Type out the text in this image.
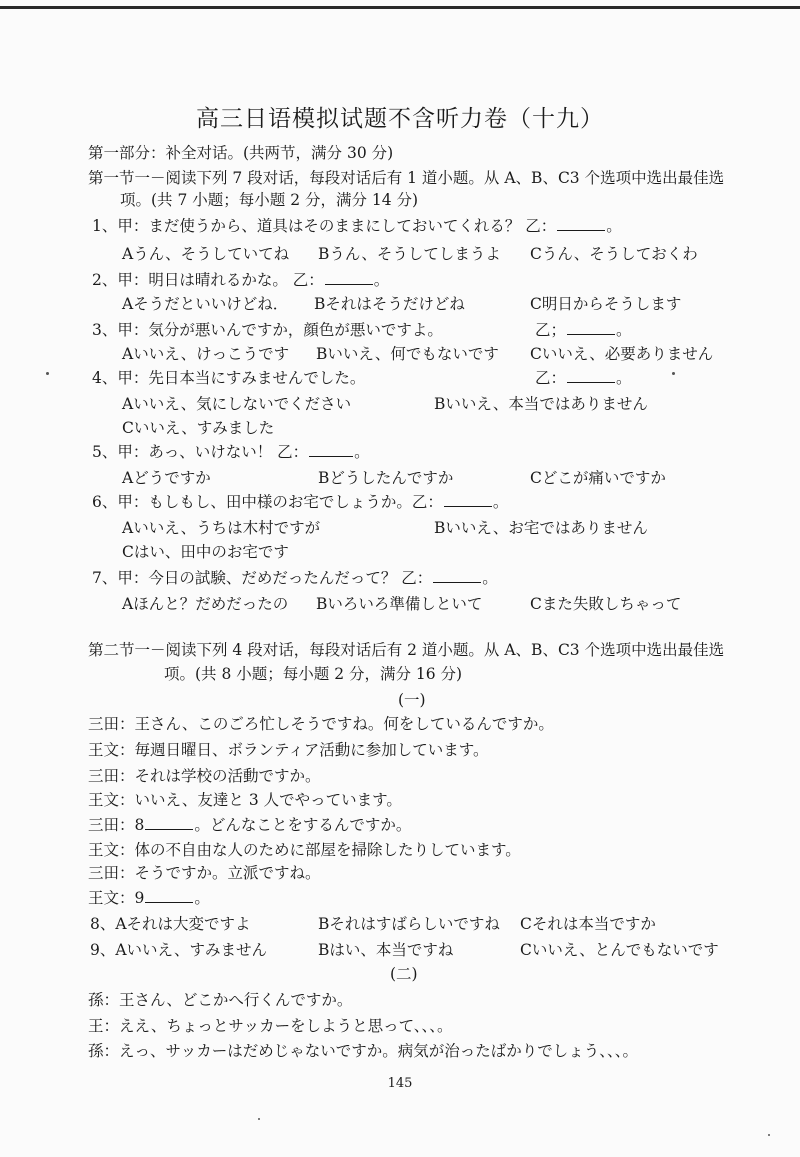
高三日语模拟试题不含听力卷（十九）
第一部分：补全对话。(共两节，满分 30 分)
第一节一－阅读下列 7 段对话，每段对话后有 1 道小题。从 A、B、C3 个选项中选出最佳选
项。(共 7 小题；每小题 2 分，满分 14 分)
1、甲：まだ使うから、道具はそのままにしておいてくれる？ 乙：	。
Aうん、そうしていてね Bうん、そうしてしまうよ Cうん、そうしておくわ
2、甲：明日は晴れるかな。 乙：	。
Aそうだといいけどね． Bそれはそうだけどね	C明日からそうします
3、甲：気分が悪いんですか，顔色が悪いですよ。	乙；	。
Aいいえ、けっこうです Bいいえ、何でもないです Cいいえ、必要ありません
4、甲：先日本当にすみませんでした。	乙：	。
Aいいえ、気にしないでください	Bいいえ、本当ではありません
Cいいえ、すみました
5、甲：あっ、いけない！ 乙：	。
Aどうですか	Bどうしたんですか	Cどこが痛いですか
6、甲：もしもし、田中様のお宅でしょうか。乙：	。
Aいいえ、うちは木村ですが	Bいいえ、お宅ではありません
Cはい、田中のお宅です
7、甲：今日の試験、だめだったんだって？ 乙：	。
Aほんと？だめだったの Bいろいろ準備しといて	Cまた失敗しちゃって
第二节一－阅读下列 4 段对话，每段对话后有 2 道小题。从 A、B、C3 个选项中选出最佳选
项。(共 8 小题；每小题 2 分，满分 16 分)
(一)
三田：王さん、このごろ忙しそうですね。何をしているんですか。
王文：毎週日曜日、ボランティア活動に参加しています。
三田：それは学校の活動ですか。
王文：いいえ、友達と 3 人でやっています。
三田：8	。どんなことをするんですか。
王文：体の不自由な人のために部屋を掃除したりしています。
三田：そうですか。立派ですね。
王文：9	。
8、Aそれは大変ですよ	Bそれはすばらしいですね Cそれは本当ですか
9、Aいいえ、すみません	Bはい、本当ですね	Cいいえ、とんでもないです
(二)
孫：王さん、どこかへ行くんですか。
王：ええ、ちょっとサッカーをしようと思って、、、。
孫：えっ、サッカーはだめじゃないですか。病気が治ったばかりでしょう、、、。
145
